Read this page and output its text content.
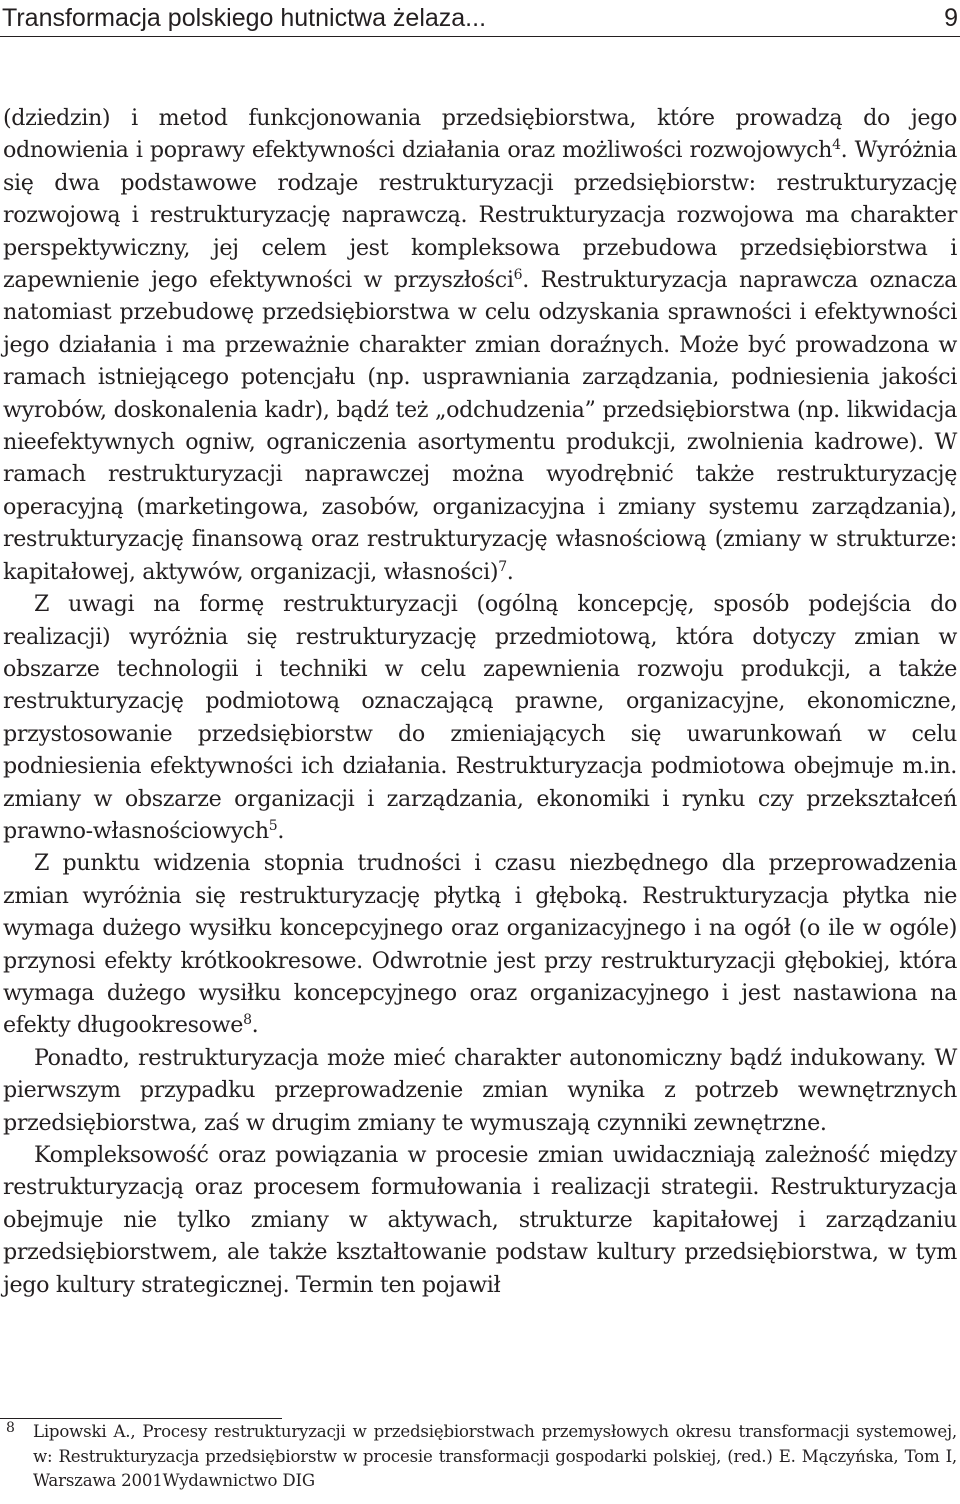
Transformacja polskiego hutnictwa żelaza...	9

(dziedzin) i metod funkcjonowania przedsiębiorstwa, które prowadzą do jego odnowienia i poprawy efektywności działania oraz możliwości rozwojowych$^4$. Wyróżnia się dwa podstawowe rodzaje restrukturyzacji przedsiębiorstw: restrukturyzację rozwojową i restrukturyzację naprawczą. Restrukturyzacja rozwojowa ma charakter perspektywiczny, jej celem jest kompleksowa przebudowa przedsiębiorstwa i zapewnienie jego efektywności w przyszłości$^6$. Restrukturyzacja naprawcza oznacza natomiast przebudowę przedsiębiorstwa w celu odzyskania sprawności i efektywności jego działania i ma przeważnie charakter zmian doraźnych. Może być prowadzona w ramach istniejącego potencjału (np. usprawniania zarządzania, podniesienia jakości wyrobów, doskonalenia kadr), bądź też „odchudzenia” przedsiębiorstwa (np. likwidacja nieefektywnych ogniw, ograniczenia asortymentu produkcji, zwolnienia kadrowe). W ramach restrukturyzacji naprawczej można wyodrębnić także restrukturyzację operacyjną (marketingowa, zasobów, organizacyjna i zmiany systemu zarządzania), restrukturyzację finansową oraz restrukturyzację własnościową (zmiany w strukturze: kapitałowej, aktywów, organizacji, własności)$^7$.

Z uwagi na formę restrukturyzacji (ogólną koncepcję, sposób podejścia do realizacji) wyróżnia się restrukturyzację przedmiotową, która dotyczy zmian w obszarze technologii i techniki w celu zapewnienia rozwoju produkcji, a także restrukturyzację podmiotową oznaczającą prawne, organizacyjne, ekonomiczne, przystosowanie przedsiębiorstw do zmieniających się uwarunkowań w celu podniesienia efektywności ich działania. Restrukturyzacja podmiotowa obejmuje m.in. zmiany w obszarze organizacji i zarządzania, ekonomiki i rynku czy przekształceń prawno-własnościowych$^5$.

Z punktu widzenia stopnia trudności i czasu niezbędnego dla przeprowadzenia zmian wyróżnia się restrukturyzację płytką i głęboką. Restrukturyzacja płytka nie wymaga dużego wysiłku koncepcyjnego oraz organizacyjnego i na ogół (o ile w ogóle) przynosi efekty krótkookresowe. Odwrotnie jest przy restrukturyzacji głębokiej, która wymaga dużego wysiłku koncepcyjnego oraz organizacyjnego i jest nastawiona na efekty długookresowe$^8$.

Ponadto, restrukturyzacja może mieć charakter autonomiczny bądź indukowany. W pierwszym przypadku przeprowadzenie zmian wynika z potrzeb wewnętrznych przedsiębiorstwa, zaś w drugim zmiany te wymuszają czynniki zewnętrzne.

Kompleksowość oraz powiązania w procesie zmian uwidaczniają zależność między restrukturyzacją oraz procesem formułowania i realizacji strategii. Restrukturyzacja obejmuje nie tylko zmiany w aktywach, strukturze kapitałowej i zarządzaniu przedsiębiorstwem, ale także kształtowanie podstaw kultury przedsiębiorstwa, w tym jego kultury strategicznej. Termin ten pojawił

8 Lipowski A., Procesy restrukturyzacji w przedsiębiorstwach przemysłowych okresu transformacji systemowej, w: Restrukturyzacja przedsiębiorstw w procesie transformacji gospodarki polskiej, (red.) E. Mączyńska, Tom I, Warszawa 2001Wydawnictwo DIG
